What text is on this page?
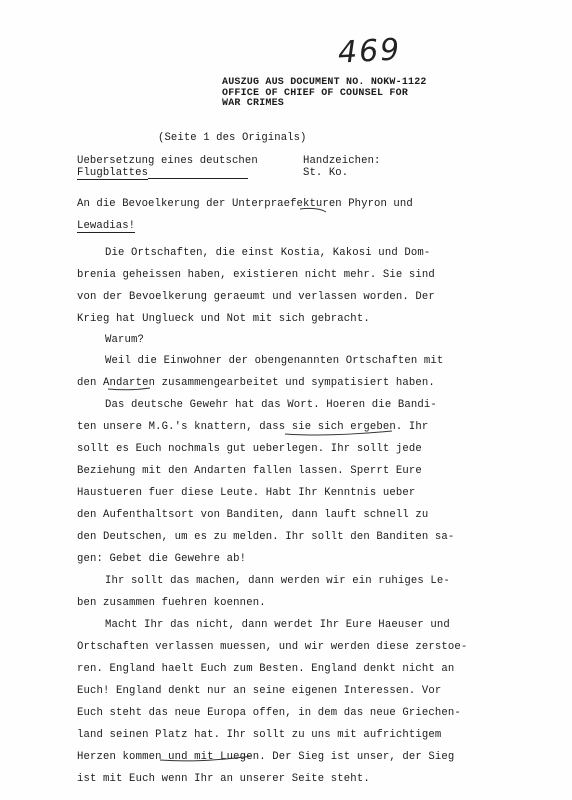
469
AUSZUG AUS DOCUMENT NO. NOKW-1122
OFFICE OF CHIEF OF COUNSEL FOR
WAR CRIMES
(Seite 1 des Originals)
Uebersetzung eines deutschen
Flugblattes
Handzeichen:
St. Ko.
An die Bevoelkerung der Unterpraefekturen Phyron und
Lewadias!
Die Ortschaften, die einst Kostia, Kakosi und Dom-
brenia geheissen haben, existieren nicht mehr. Sie sind
von der Bevoelkerung geraeumt und verlassen worden. Der
Krieg hat Unglueck und Not mit sich gebracht.
Warum?
Weil die Einwohner der obengenannten Ortschaften mit
den Andarten zusammengearbeitet und sympatisiert haben.
Das deutsche Gewehr hat das Wort. Hoeren die Bandi-
ten unsere M.G.'s knattern, dass sie sich ergeben. Ihr
sollt es Euch nochmals gut ueberlegen. Ihr sollt jede
Beziehung mit den Andarten fallen lassen. Sperrt Eure
Haustueren fuer diese Leute. Habt Ihr Kenntnis ueber
den Aufenthaltsort von Banditen, dann lauft schnell zu
den Deutschen, um es zu melden. Ihr sollt den Banditen sa-
gen: Gebet die Gewehre ab!
Ihr sollt das machen, dann werden wir ein ruhiges Le-
ben zusammen fuehren koennen.
Macht Ihr das nicht, dann werdet Ihr Eure Haeuser und
Ortschaften verlassen muessen, und wir werden diese zerstoe-
ren. England haelt Euch zum Besten. England denkt nicht an
Euch! England denkt nur an seine eigenen Interessen. Vor
Euch steht das neue Europa offen, in dem das neue Griechen-
land seinen Platz hat. Ihr sollt zu uns mit aufrichtigem
Herzen kommen und mit Luegen. Der Sieg ist unser, der Sieg
ist mit Euch wenn Ihr an unserer Seite steht.
